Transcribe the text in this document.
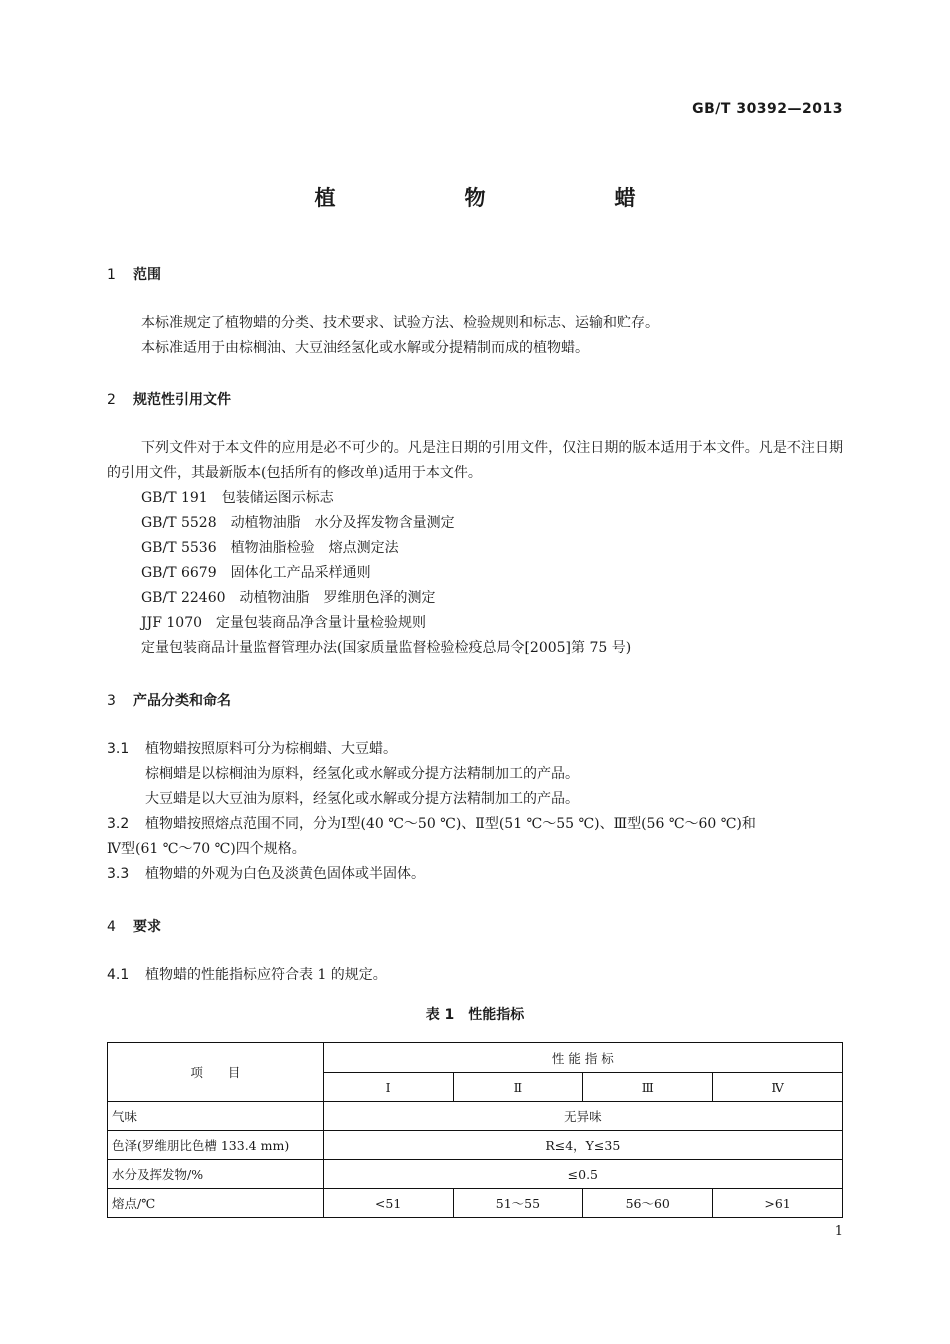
GB/T 30392—2013
植　物　蜡
1 范围
本标准规定了植物蜡的分类、技术要求、试验方法、检验规则和标志、运输和贮存。
本标准适用于由棕榈油、大豆油经氢化或水解或分提精制而成的植物蜡。
2 规范性引用文件
下列文件对于本文件的应用是必不可少的。凡是注日期的引用文件，仅注日期的版本适用于本文件。凡是不注日期的引用文件，其最新版本(包括所有的修改单)适用于本文件。
GB/T 191　包装储运图示标志
GB/T 5528　动植物油脂　水分及挥发物含量测定
GB/T 5536　植物油脂检验　熔点测定法
GB/T 6679　固体化工产品采样通则
GB/T 22460　动植物油脂　罗维朋色泽的测定
JJF 1070　定量包装商品净含量计量检验规则
定量包装商品计量监督管理办法(国家质量监督检验检疫总局令[2005]第 75 号)
3 产品分类和命名
3.1 植物蜡按照原料可分为棕榈蜡、大豆蜡。
棕榈蜡是以棕榈油为原料，经氢化或水解或分提方法精制加工的产品。
大豆蜡是以大豆油为原料，经氢化或水解或分提方法精制加工的产品。
3.2 植物蜡按照熔点范围不同，分为Ⅰ型(40 ℃～50 ℃)、Ⅱ型(51 ℃～55 ℃)、Ⅲ型(56 ℃～60 ℃)和
Ⅳ型(61 ℃～70 ℃)四个规格。
3.3 植物蜡的外观为白色及淡黄色固体或半固体。
4 要求
4.1 植物蜡的性能指标应符合表 1 的规定。
表 1　性能指标
项　　目	性 能 指 标			
	Ⅰ	Ⅱ	Ⅲ	Ⅳ
气味	无异味			
色泽(罗维朋比色槽 133.4 mm)	R≤4，Y≤35			
水分及挥发物/%	≤0.5			
熔点/℃	<51	51～55	56～60	>61
1
